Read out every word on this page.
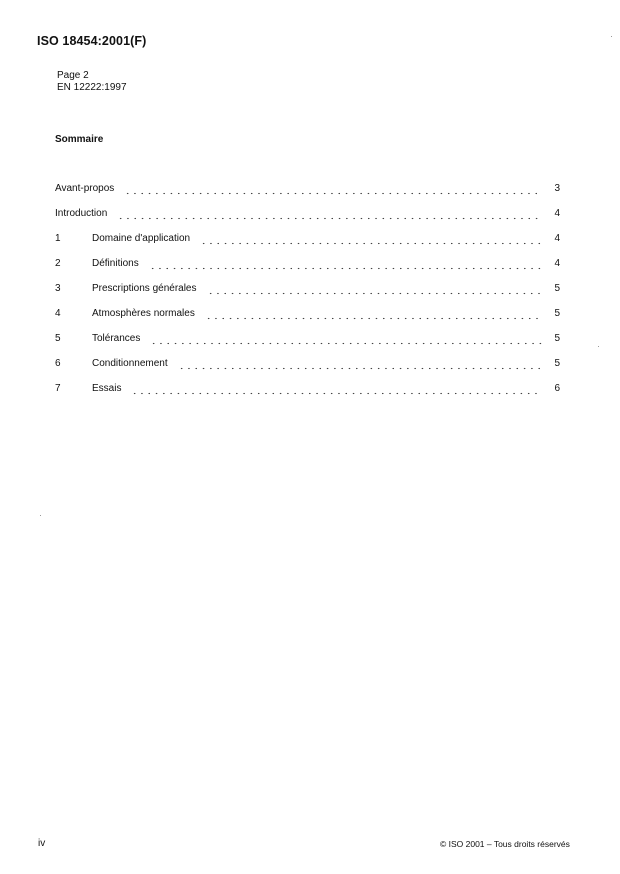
ISO 18454:2001(F)
Page 2
EN 12222:1997
Sommaire
Avant-propos	3
Introduction	4
1	Domaine d'application	4
2	Définitions	4
3	Prescriptions générales	5
4	Atmosphères normales	5
5	Tolérances	5
6	Conditionnement	5
7	Essais	6
iv	© ISO 2001 – Tous droits réservés
